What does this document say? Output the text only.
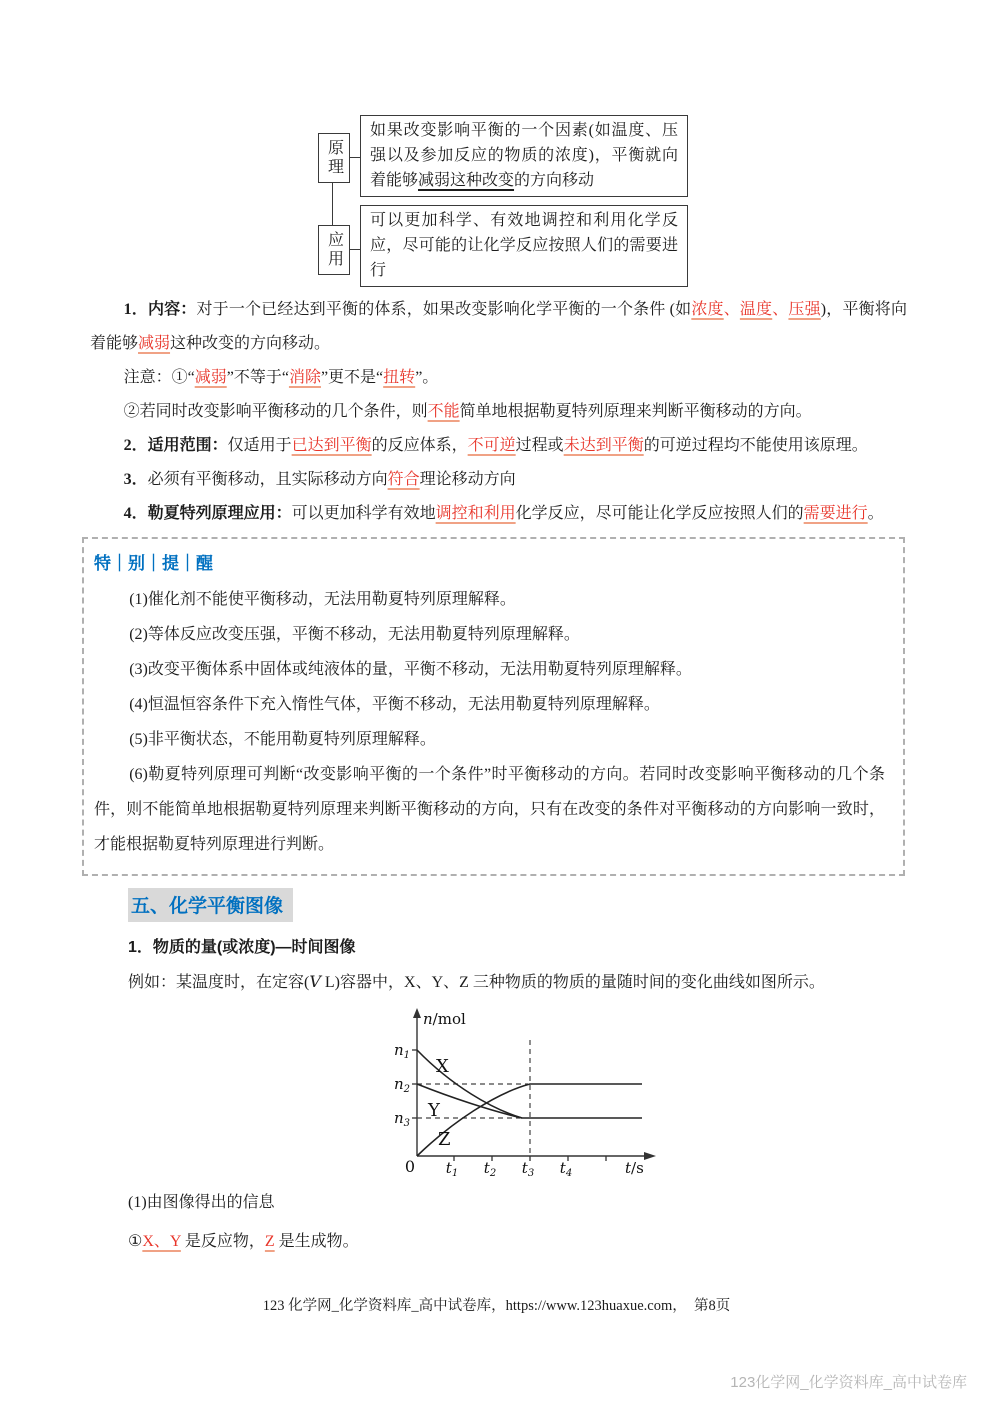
原理
如果改变影响平衡的一个因素(如温度、压强以及参加反应的物质的浓度)，平衡就向着能够减弱这种改变的方向移动
应用
可以更加科学、有效地调控和利用化学反应，尽可能的让化学反应按照人们的需要进行
1．内容：对于一个已经达到平衡的体系，如果改变影响化学平衡的一个条件 (如浓度、温度、压强)，平衡将向着能够减弱这种改变的方向移动。
注意：①“减弱”不等于“消除”更不是“扭转”。
②若同时改变影响平衡移动的几个条件，则不能简单地根据勒夏特列原理来判断平衡移动的方向。
2．适用范围：仅适用于已达到平衡的反应体系，不可逆过程或未达到平衡的可逆过程均不能使用该原理。
3．必须有平衡移动，且实际移动方向符合理论移动方向
4．勒夏特列原理应用：可以更加科学有效地调控和利用化学反应，尽可能让化学反应按照人们的需要进行。
特｜别｜提｜醒
(1)催化剂不能使平衡移动，无法用勒夏特列原理解释。
(2)等体反应改变压强，平衡不移动，无法用勒夏特列原理解释。
(3)改变平衡体系中固体或纯液体的量，平衡不移动，无法用勒夏特列原理解释。
(4)恒温恒容条件下充入惰性气体，平衡不移动，无法用勒夏特列原理解释。
(5)非平衡状态，不能用勒夏特列原理解释。
(6)勒夏特列原理可判断“改变影响平衡的一个条件”时平衡移动的方向。若同时改变影响平衡移动的几个条件，则不能简单地根据勒夏特列原理来判断平衡移动的方向，只有在改变的条件对平衡移动的方向影响一致时，才能根据勒夏特列原理进行判断。
五、化学平衡图像
1．物质的量(或浓度)—时间图像
例如：某温度时，在定容(V L)容器中，X、Y、Z 三种物质的物质的量随时间的变化曲线如图所示。
n/mol
t/s
$n_1$
$n_2$
$n_3$
0 $t_1$ $t_2$ $t_3$ $t_4$
X
Y
Z
(1)由图像得出的信息
①X、Y 是反应物，Z 是生成物。
123 化学网_化学资料库_高中试卷库，https://www.123huaxue.com，　第8页
123化学网_化学资料库_高中试卷库
